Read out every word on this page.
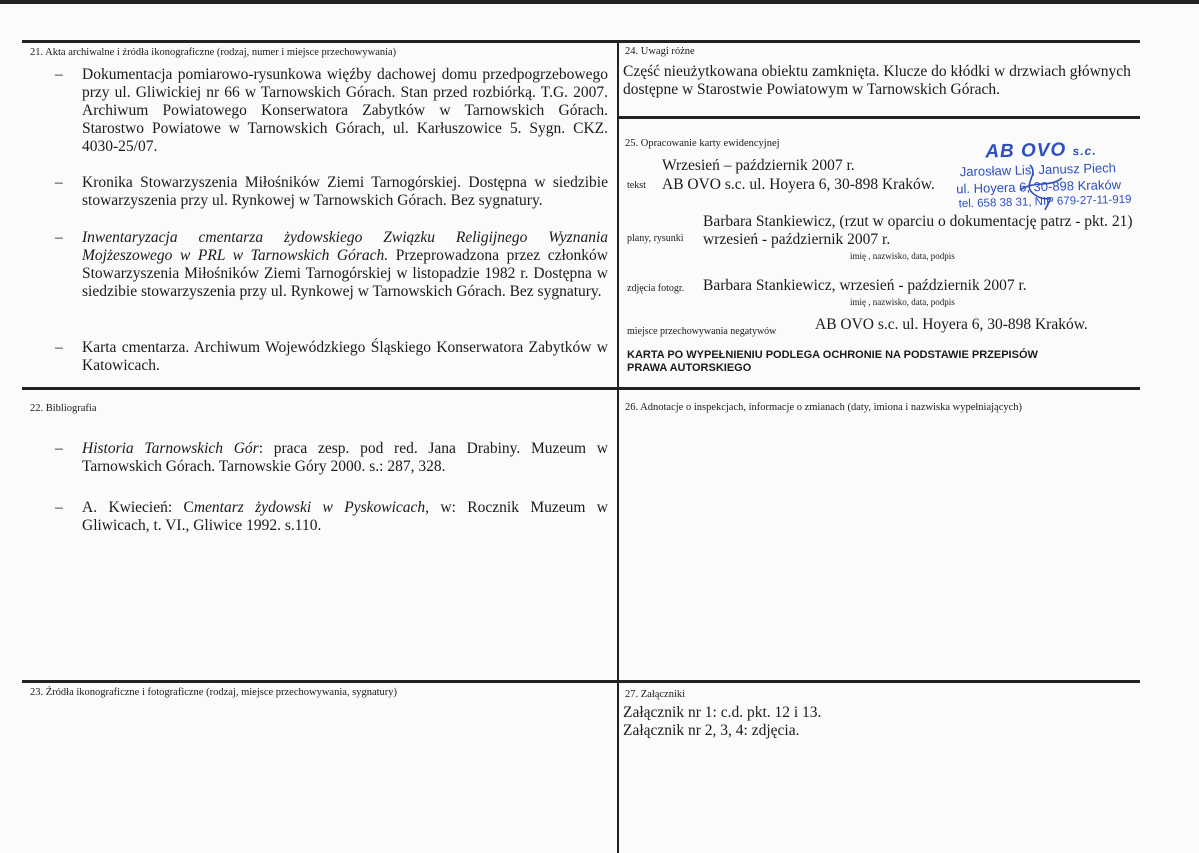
21. Akta archiwalne i źródła ikonograficzne (rodzaj, numer i miejsce przechowywania)
– Dokumentacja pomiarowo-rysunkowa więźby dachowej domu przedpogrzebowego przy ul. Gliwickiej nr 66 w Tarnowskich Górach. Stan przed rozbiórką. T.G. 2007. Archiwum Powiatowego Konserwatora Zabytków w Tarnowskich Górach. Starostwo Powiatowe w Tarnowskich Górach, ul. Karłuszowice 5. Sygn. CKZ. 4030-25/07.
– Kronika Stowarzyszenia Miłośników Ziemi Tarnogórskiej. Dostępna w siedzibie stowarzyszenia przy ul. Rynkowej w Tarnowskich Górach. Bez sygnatury.
– Inwentaryzacja cmentarza żydowskiego Związku Religijnego Wyznania Mojżeszowego w PRL w Tarnowskich Górach. Przeprowadzona przez członków Stowarzyszenia Miłośników Ziemi Tarnogórskiej w listopadzie 1982 r. Dostępna w siedzibie stowarzyszenia przy ul. Rynkowej w Tarnowskich Górach. Bez sygnatury.
– Karta cmentarza. Archiwum Wojewódzkiego Śląskiego Konserwatora Zabytków w Katowicach.
22. Bibliografia
– Historia Tarnowskich Gór: praca zesp. pod red. Jana Drabiny. Muzeum w Tarnowskich Górach. Tarnowskie Góry 2000. s.: 287, 328.
– A. Kwiecień: Cmentarz żydowski w Pyskowicach, w: Rocznik Muzeum w Gliwicach, t. VI., Gliwice 1992. s.110.
23. Źródła ikonograficzne i fotograficzne (rodzaj, miejsce przechowywania, sygnatury)
24. Uwagi różne
Część nieużytkowana obiektu zamknięta. Klucze do kłódki w drzwiach głównych dostępne w Starostwie Powiatowym w Tarnowskich Górach.
25. Opracowanie karty ewidencyjnej
Wrzesień – październik 2007 r.
tekst AB OVO s.c. ul. Hoyera 6, 30-898 Kraków.
Barbara Stankiewicz, (rzut w oparciu o dokumentację patrz - pkt. 21)
plany, rysunki wrzesień - październik 2007 r.
imię , nazwisko, data, podpis
zdjęcia fotogr. Barbara Stankiewicz, wrzesień - październik 2007 r.
imię , nazwisko, data, podpis
miejsce przechowywania negatywów AB OVO s.c. ul. Hoyera 6, 30-898 Kraków.
KARTA PO WYPEŁNIENIU PODLEGA OCHRONIE NA PODSTAWIE PRZEPISÓW
PRAWA AUTORSKIEGO
AB OVO s.c.
Jarosław Lis, Janusz Piech
ul. Hoyera 6, 30-898 Kraków
tel. 658 38 31, NIP 679-27-11-919
26. Adnotacje o inspekcjach, informacje o zmianach (daty, imiona i nazwiska wypełniających)
27. Załączniki
Załącznik nr 1: c.d. pkt. 12 i 13.
Załącznik nr 2, 3, 4: zdjęcia.
